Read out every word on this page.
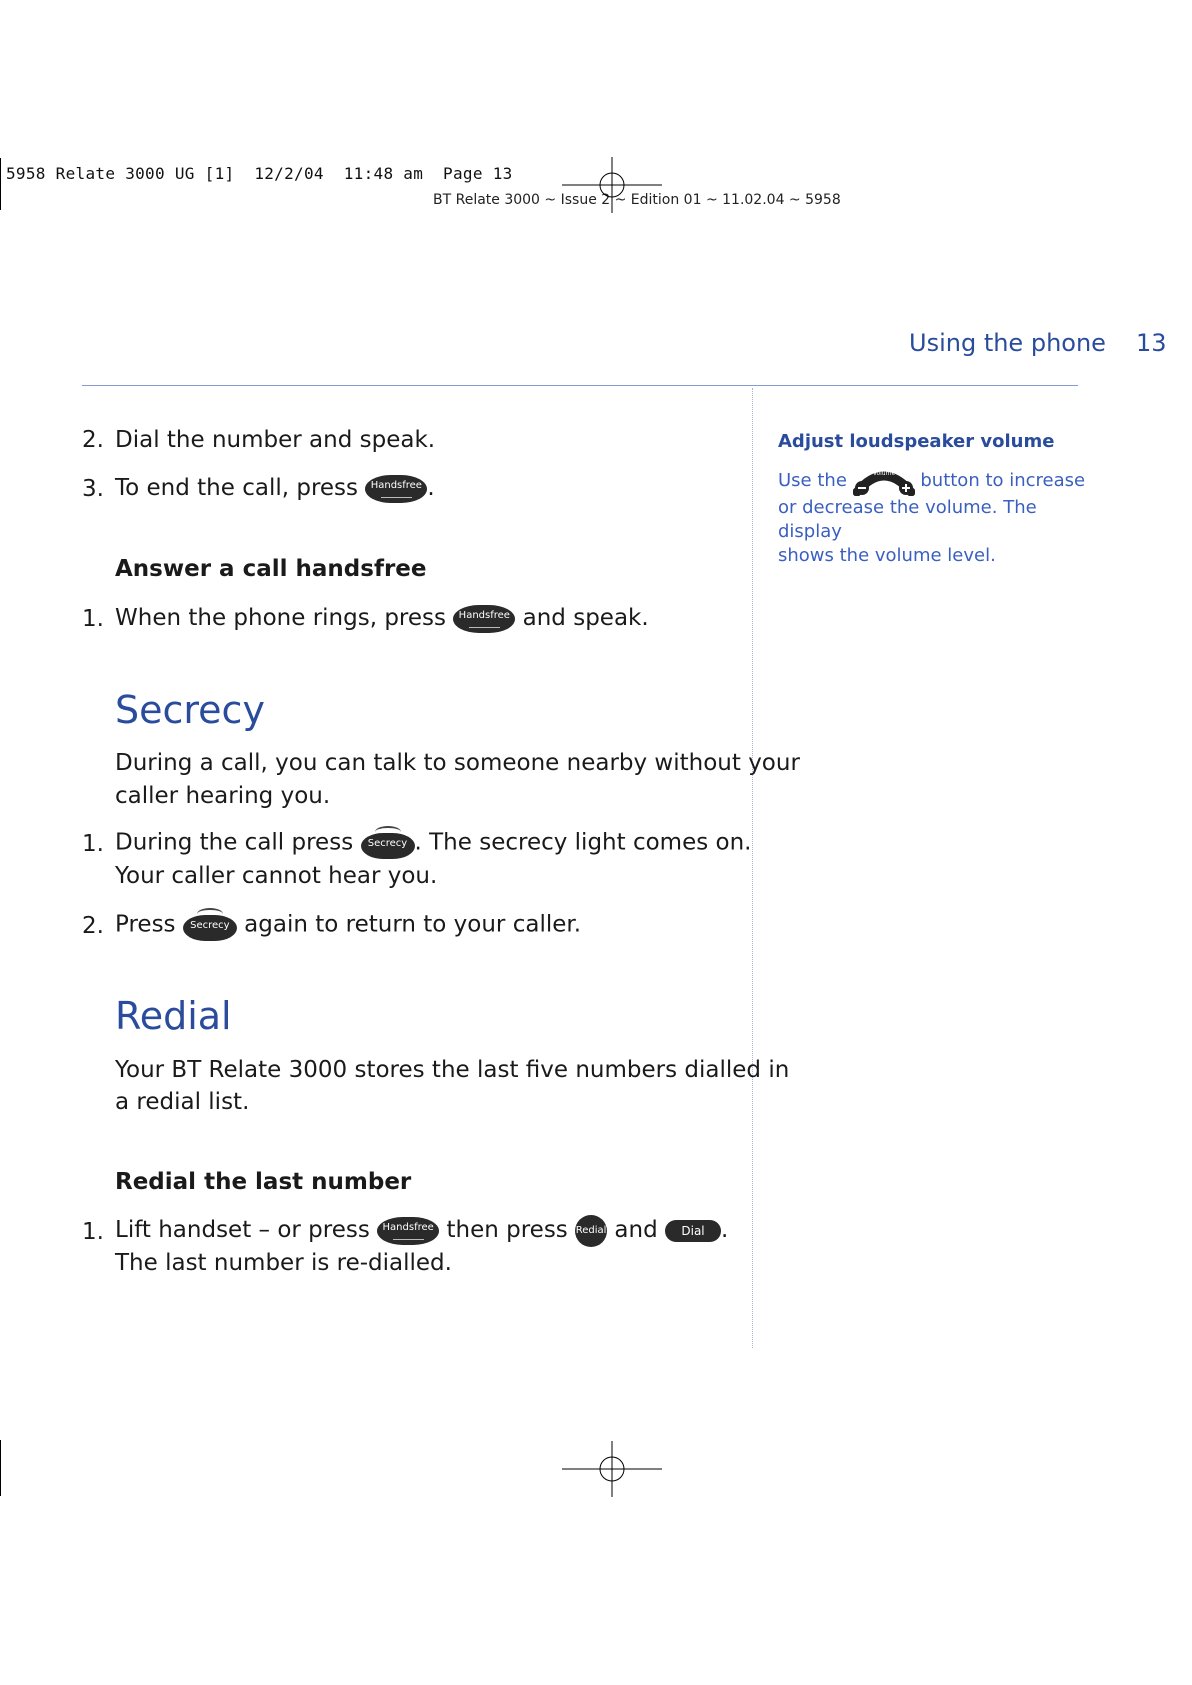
5958 Relate 3000 UG [1]  12/2/04  11:48 am  Page 13
BT Relate 3000 ~ Issue 2 ~ Edition 01 ~ 11.02.04 ~ 5958
Using the phone 13
2. Dial the number and speak.
3. To end the call, press	Handsfree .
Answer a call handsfree
1. When the phone rings, press	Handsfree and speak.
Secrecy
During a call, you can talk to someone nearby without your
caller hearing you.
1. During the call press	Secrecy . The secrecy light comes on.
Your caller cannot hear you.
2. Press	Secrecy again to return to your caller.
Redial
Your BT Relate 3000 stores the last five numbers dialled in
a redial list.
Redial the last number
1. Lift handset – or press	Handsfree then press Redial and	Dial .
The last number is re-dialled.
Adjust loudspeaker volume
Use the	Volume button to increase
or decrease the volume. The display
shows the volume level.
